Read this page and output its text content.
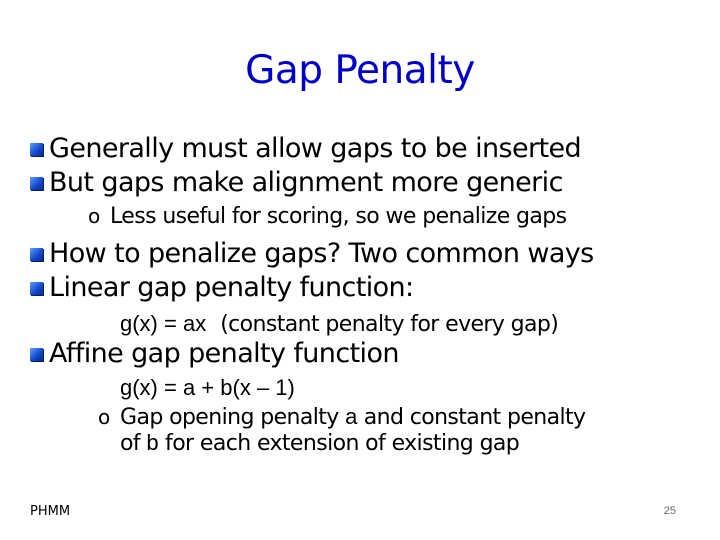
Gap Penalty
Generally must allow gaps to be inserted
But gaps make alignment more generic
o Less useful for scoring, so we penalize gaps
How to penalize gaps? Two common ways
Linear gap penalty function:
g(x) = ax (constant penalty for every gap)
Affine gap penalty function
g(x) = a + b(x – 1)
o Gap opening penalty a and constant penalty
of b for each extension of existing gap
PHMM	25
